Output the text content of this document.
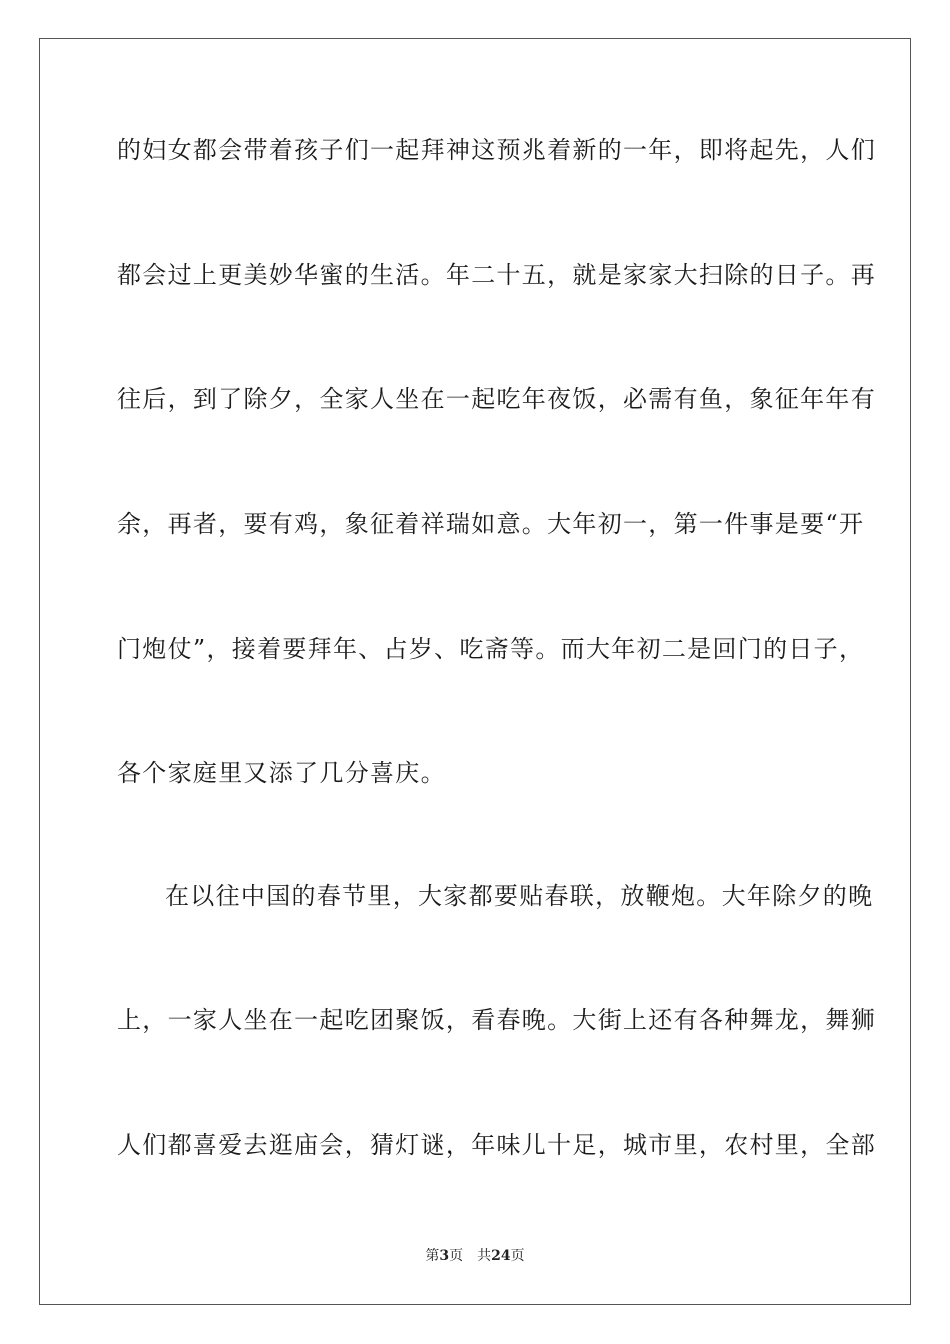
的妇女都会带着孩子们一起拜神这预兆着新的一年，即将起先，人们
都会过上更美妙华蜜的生活。年二十五，就是家家大扫除的日子。再
往后，到了除夕，全家人坐在一起吃年夜饭，必需有鱼，象征年年有
余，再者，要有鸡，象征着祥瑞如意。大年初一，第一件事是要“开
门炮仗”，接着要拜年、占岁、吃斋等。而大年初二是回门的日子，
各个家庭里又添了几分喜庆。
在以往中国的春节里，大家都要贴春联，放鞭炮。大年除夕的晚
上，一家人坐在一起吃团聚饭，看春晚。大街上还有各种舞龙，舞狮
人们都喜爱去逛庙会，猜灯谜，年味儿十足，城市里，农村里，全部
第3页 共24页
